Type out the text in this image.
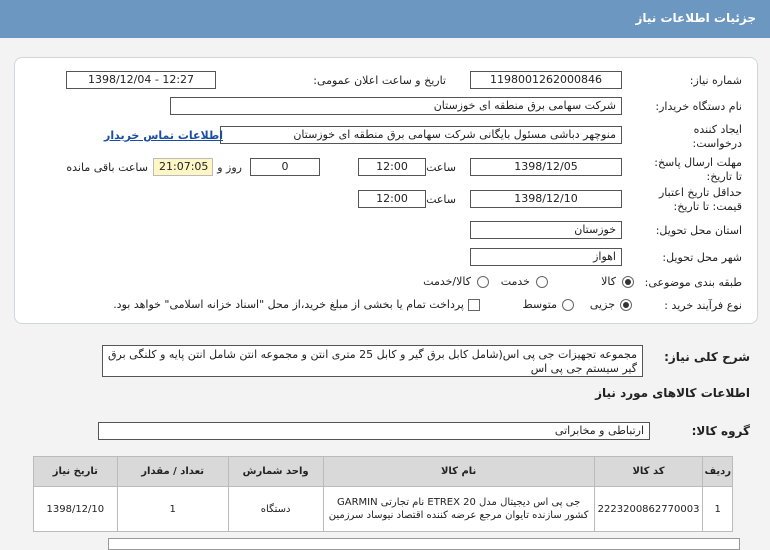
جزئیات اطلاعات نیاز
شماره نیاز:
1198001262000846
تاریخ و ساعت اعلان عمومی:
1398/12/04 - 12:27
نام دستگاه خریدار:
شرکت سهامی برق منطقه ای خوزستان
ایجاد کننده
درخواست:
منوچهر دباشی مسئول بایگانی شرکت سهامی برق منطقه ای خوزستان
اطلاعات تماس خریدار
مهلت ارسال پاسخ:
تا تاریخ:
1398/12/05
ساعت
12:00
0
روز و
21:07:05
ساعت باقی مانده
حداقل تاریخ اعتبار
قیمت: تا تاریخ:
1398/12/10
ساعت
12:00
استان محل تحویل:
خوزستان
شهر محل تحویل:
اهواز
طبقه بندی موضوعی:
کالا
خدمت
کالا/خدمت
نوع فرآیند خرید :
جزیی
متوسط
پرداخت تمام یا بخشی از مبلغ خرید،از محل "اسناد خزانه اسلامی" خواهد بود.
شرح کلی نیاز:
مجموعه تجهیزات جی پی اس(شامل کابل برق گیر و کابل 25 متری انتن و مجموعه انتن شامل انتن پایه و کلنگی برق گیر سیستم جی پی اس
اطلاعات کالاهای مورد نیاز
گروه کالا:
ارتباطی و مخابراتی
ردیف	کد کالا	نام کالا	واحد شمارش	تعداد / مقدار	تاریخ نیاز
1	2223200862770003	جی پی اس دیجیتال مدل ETREX 20 نام تجارتی GARMIN کشور سازنده تایوان مرجع عرضه کننده اقتصاد نیوساد سرزمین	دستگاه	1	1398/12/10
